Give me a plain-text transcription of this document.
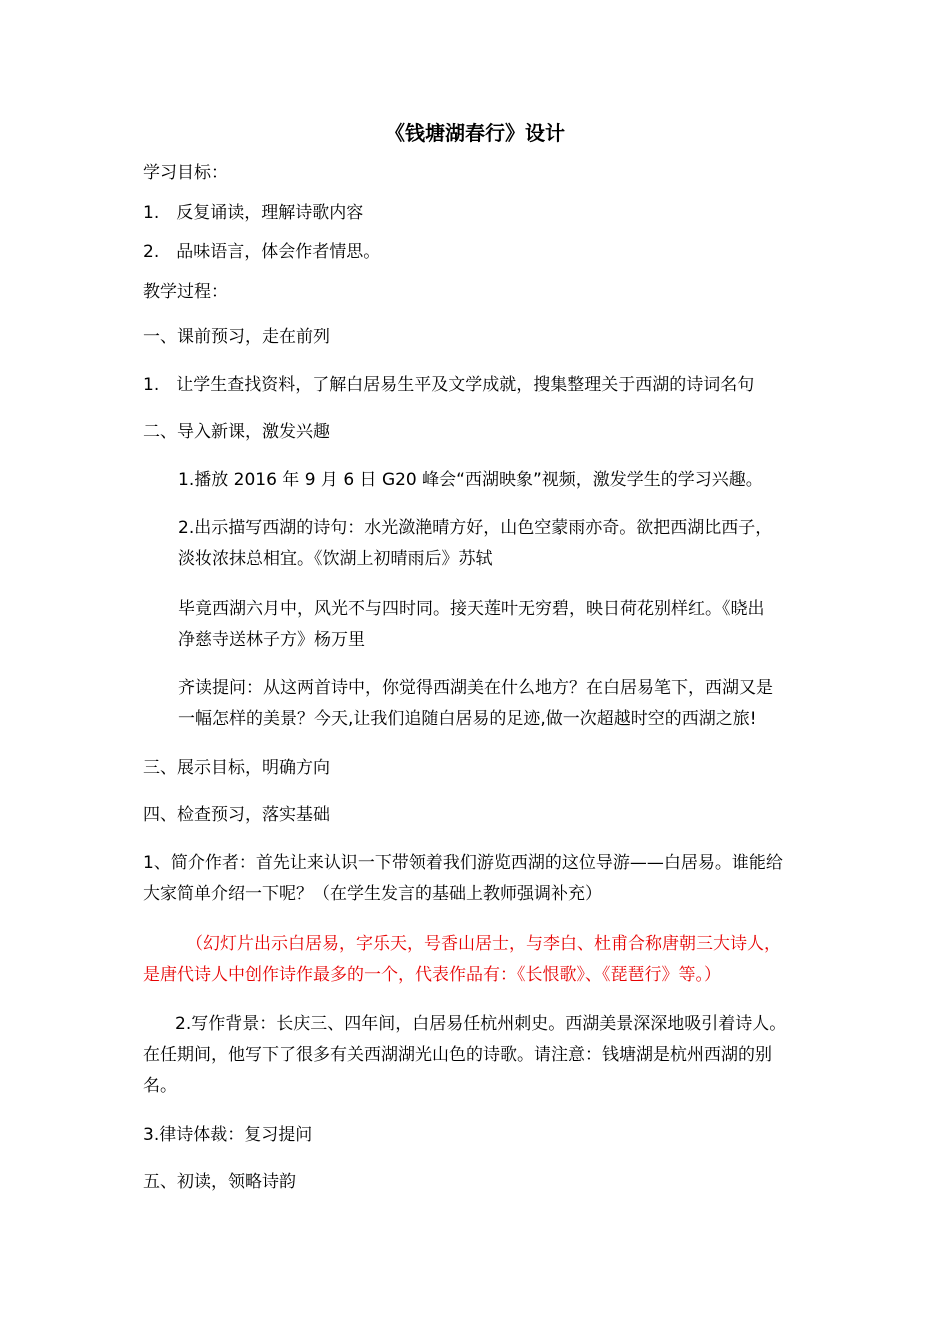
《钱塘湖春行》设计
学习目标：
1. 反复诵读，理解诗歌内容
2. 品味语言，体会作者情思。
教学过程：
一、课前预习，走在前列
1. 让学生查找资料，了解白居易生平及文学成就，搜集整理关于西湖的诗词名句
二、导入新课，激发兴趣
1.播放 2016 年 9 月 6 日 G20 峰会“西湖映象”视频，激发学生的学习兴趣。
2.出示描写西湖的诗句：水光潋滟晴方好，山色空蒙雨亦奇。欲把西湖比西子，
淡妆浓抹总相宜。《饮湖上初晴雨后》苏轼
毕竟西湖六月中，风光不与四时同。接天莲叶无穷碧，映日荷花别样红。《晓出
净慈寺送林子方》杨万里
齐读提问：从这两首诗中，你觉得西湖美在什么地方？在白居易笔下，西湖又是
一幅怎样的美景？今天,让我们追随白居易的足迹,做一次超越时空的西湖之旅!
三、展示目标，明确方向
四、检查预习，落实基础
1、简介作者：首先让来认识一下带领着我们游览西湖的这位导游——白居易。谁能给
大家简单介绍一下呢？（在学生发言的基础上教师强调补充）
（幻灯片出示白居易，字乐天，号香山居士，与李白、杜甫合称唐朝三大诗人，
是唐代诗人中创作诗作最多的一个，代表作品有：《长恨歌》、《琵琶行》等。）
2.写作背景：长庆三、四年间，白居易任杭州刺史。西湖美景深深地吸引着诗人。
在任期间，他写下了很多有关西湖湖光山色的诗歌。请注意：钱塘湖是杭州西湖的别
名。
3.律诗体裁：复习提问
五、初读，领略诗韵
